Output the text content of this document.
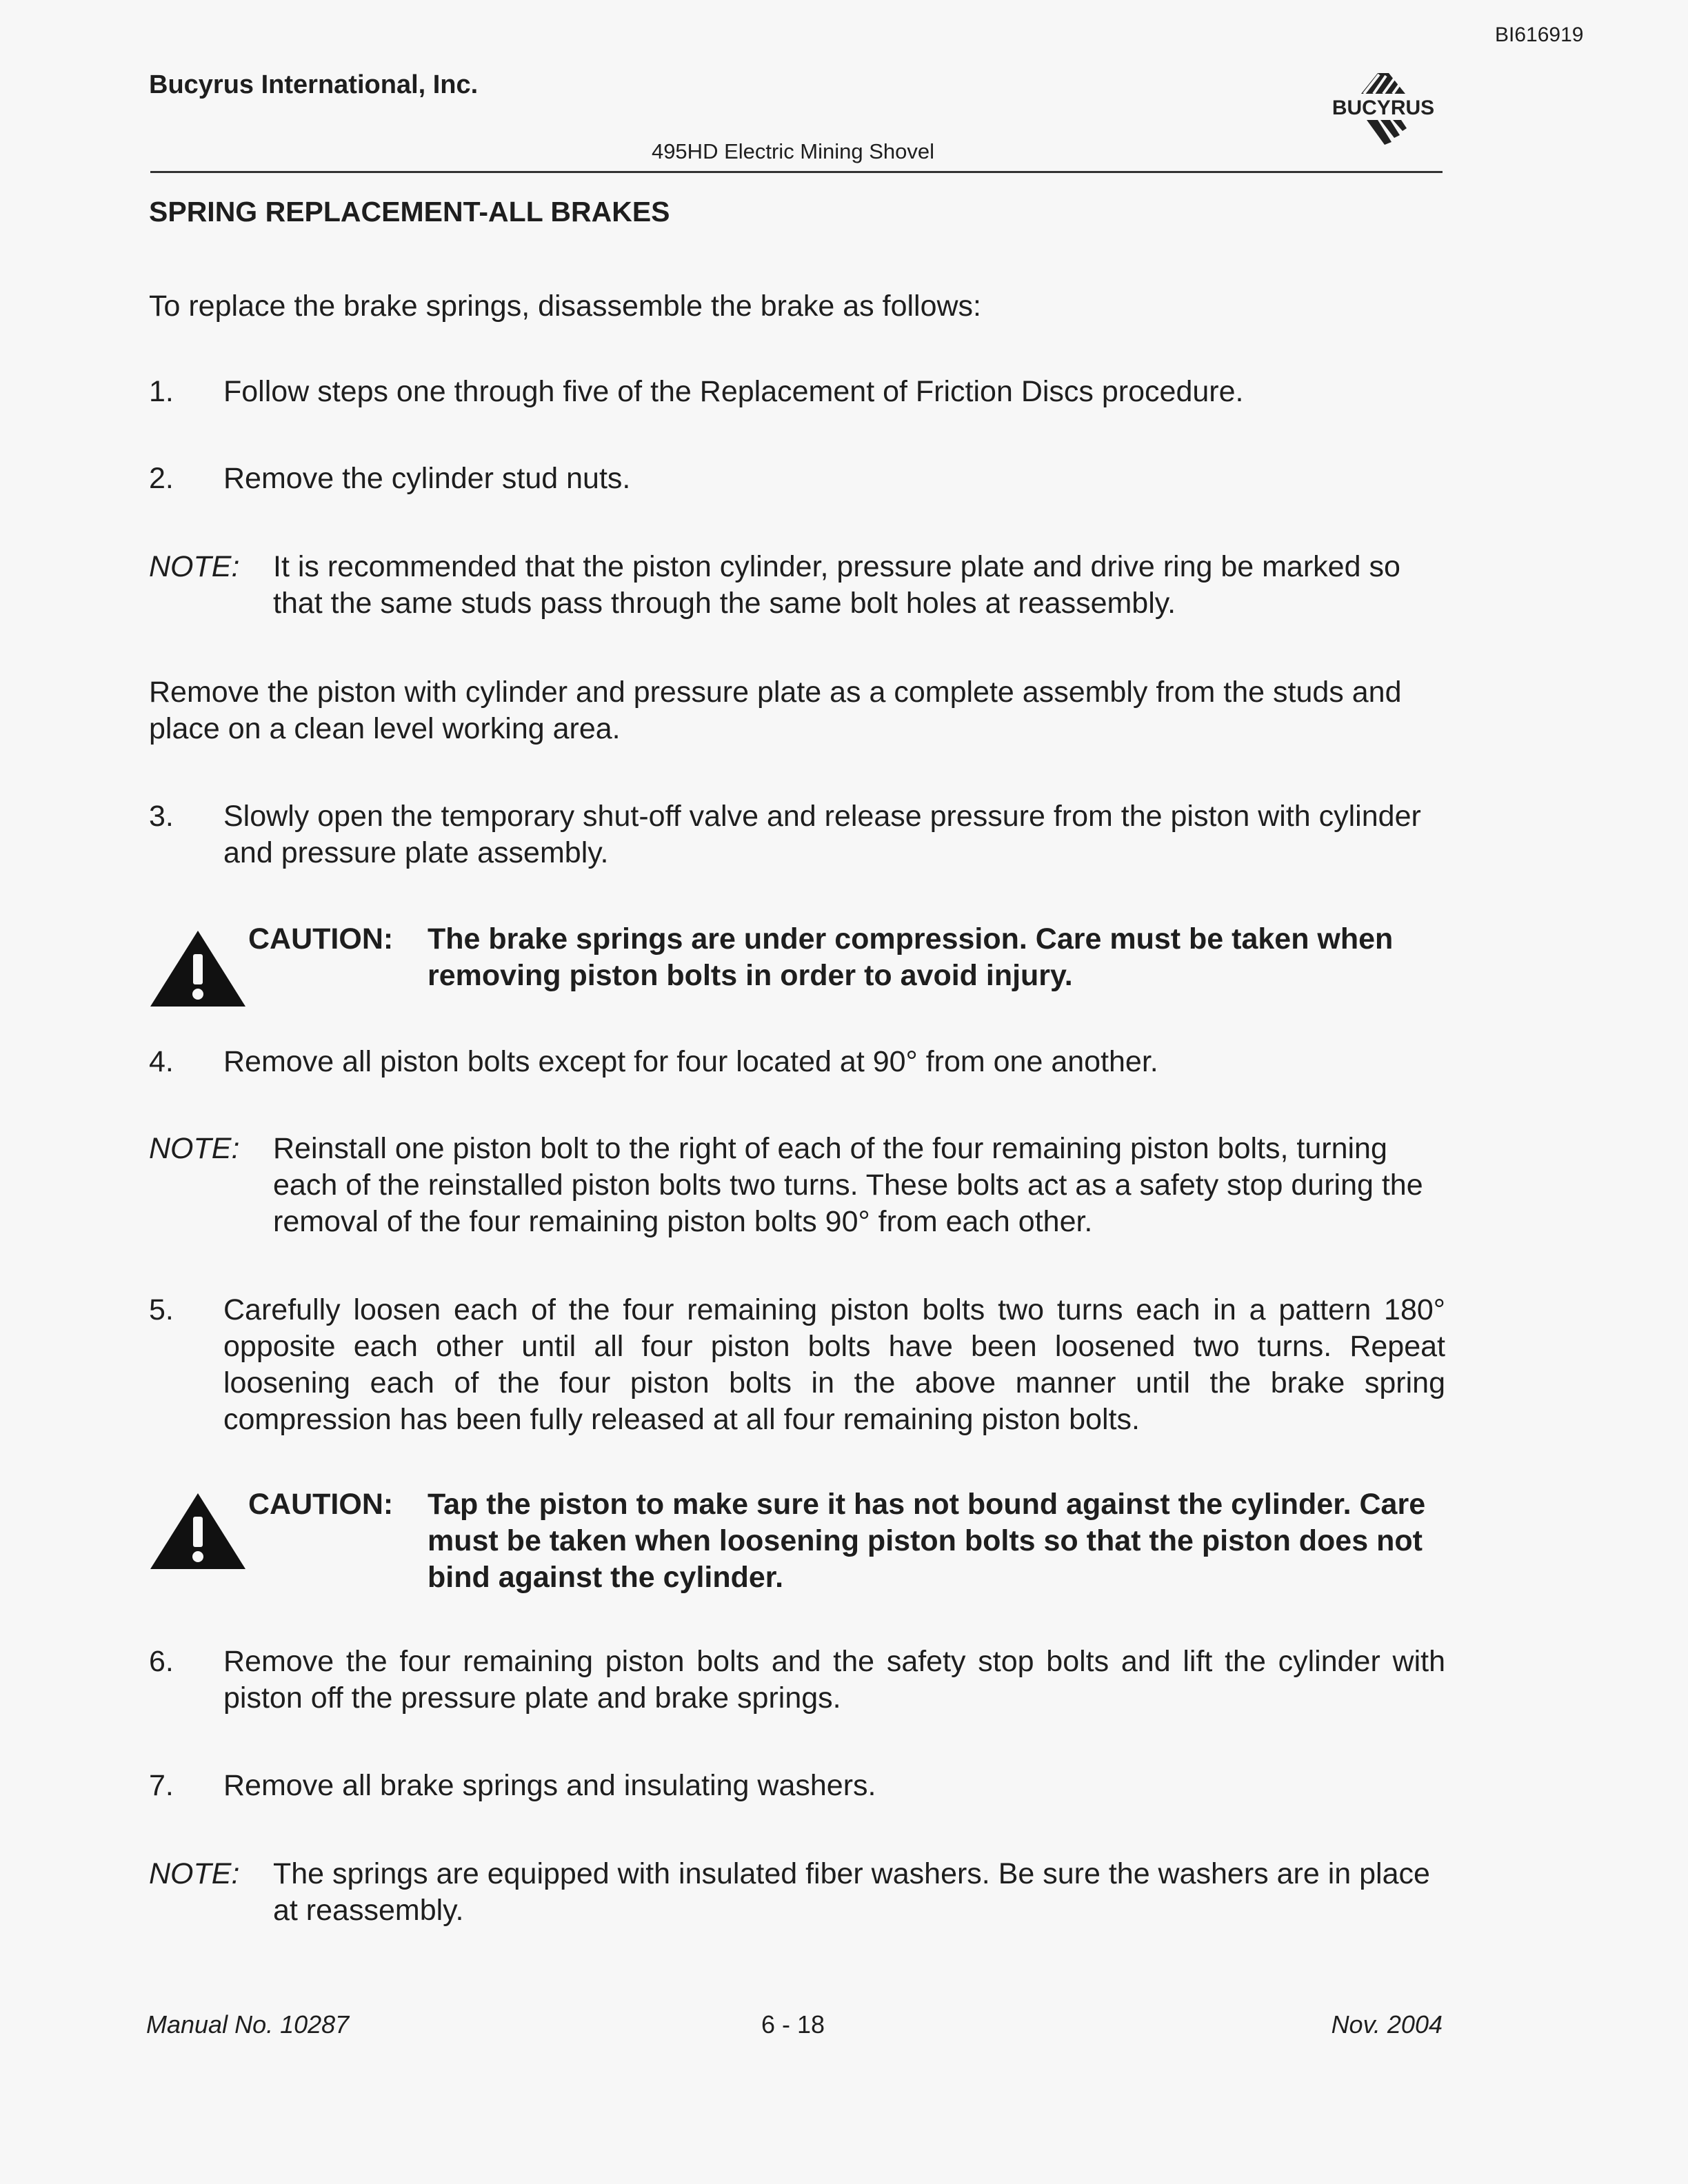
BI616919
Bucyrus International, Inc.
BUCYRUS
495HD Electric Mining Shovel
SPRING REPLACEMENT-ALL BRAKES
To replace the brake springs, disassemble the brake as follows:
1. Follow steps one through five of the Replacement of Friction Discs procedure.
2. Remove the cylinder stud nuts.
NOTE: It is recommended that the piston cylinder, pressure plate and drive ring be marked so that the same studs pass through the same bolt holes at reassembly.
Remove the piston with cylinder and pressure plate as a complete assembly from the studs and place on a clean level working area.
3. Slowly open the temporary shut-off valve and release pressure from the piston with cylinder and pressure plate assembly.
CAUTION: The brake springs are under compression. Care must be taken when removing piston bolts in order to avoid injury.
4. Remove all piston bolts except for four located at 90° from one another.
NOTE: Reinstall one piston bolt to the right of each of the four remaining piston bolts, turning each of the reinstalled piston bolts two turns. These bolts act as a safety stop during the removal of the four remaining piston bolts 90° from each other.
5. Carefully loosen each of the four remaining piston bolts two turns each in a pattern 180° opposite each other until all four piston bolts have been loosened two turns. Repeat loosening each of the four piston bolts in the above manner until the brake spring compression has been fully released at all four remaining piston bolts.
CAUTION: Tap the piston to make sure it has not bound against the cylinder. Care must be taken when loosening piston bolts so that the piston does not bind against the cylinder.
6. Remove the four remaining piston bolts and the safety stop bolts and lift the cylinder with piston off the pressure plate and brake springs.
7. Remove all brake springs and insulating washers.
NOTE: The springs are equipped with insulated fiber washers. Be sure the washers are in place at reassembly.
Manual No. 10287	6 - 18	Nov. 2004
